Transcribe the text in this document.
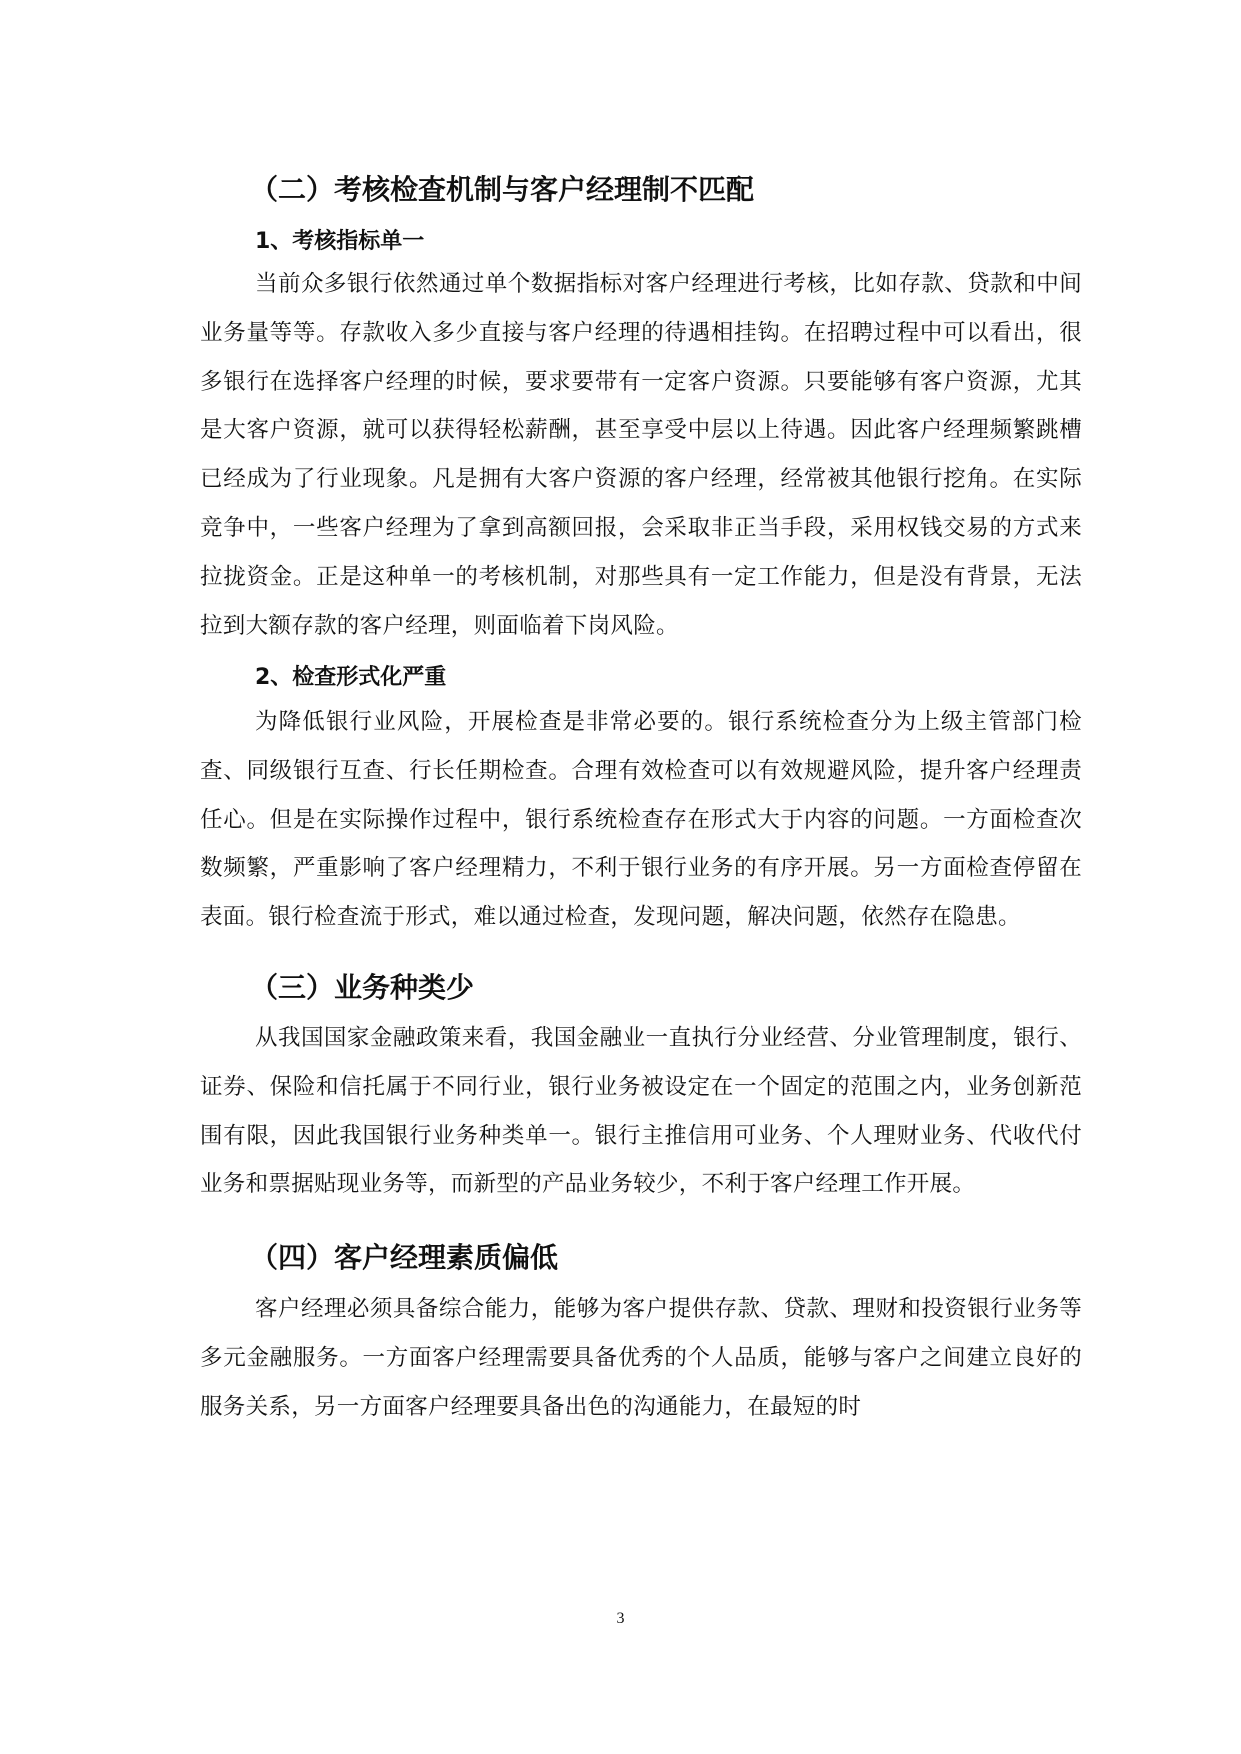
（二）考核检查机制与客户经理制不匹配
1、考核指标单一

当前众多银行依然通过单个数据指标对客户经理进行考核，比如存款、贷款和中间业务量等等。存款收入多少直接与客户经理的待遇相挂钩。在招聘过程中可以看出，很多银行在选择客户经理的时候，要求要带有一定客户资源。只要能够有客户资源，尤其是大客户资源，就可以获得轻松薪酬，甚至享受中层以上待遇。因此客户经理频繁跳槽已经成为了行业现象。凡是拥有大客户资源的客户经理，经常被其他银行挖角。在实际竞争中，一些客户经理为了拿到高额回报，会采取非正当手段，采用权钱交易的方式来拉拢资金。正是这种单一的考核机制，对那些具有一定工作能力，但是没有背景，无法拉到大额存款的客户经理，则面临着下岗风险。

2、检查形式化严重

为降低银行业风险，开展检查是非常必要的。银行系统检查分为上级主管部门检查、同级银行互查、行长任期检查。合理有效检查可以有效规避风险，提升客户经理责任心。但是在实际操作过程中，银行系统检查存在形式大于内容的问题。一方面检查次数频繁，严重影响了客户经理精力，不利于银行业务的有序开展。另一方面检查停留在表面。银行检查流于形式，难以通过检查，发现问题，解决问题，依然存在隐患。

（三）业务种类少

从我国国家金融政策来看，我国金融业一直执行分业经营、分业管理制度，银行、证券、保险和信托属于不同行业，银行业务被设定在一个固定的范围之内，业务创新范围有限，因此我国银行业务种类单一。银行主推信用可业务、个人理财业务、代收代付业务和票据贴现业务等，而新型的产品业务较少，不利于客户经理工作开展。

（四）客户经理素质偏低

客户经理必须具备综合能力，能够为客户提供存款、贷款、理财和投资银行业务等多元金融服务。一方面客户经理需要具备优秀的个人品质，能够与客户之间建立良好的服务关系，另一方面客户经理要具备出色的沟通能力，在最短的时

3
